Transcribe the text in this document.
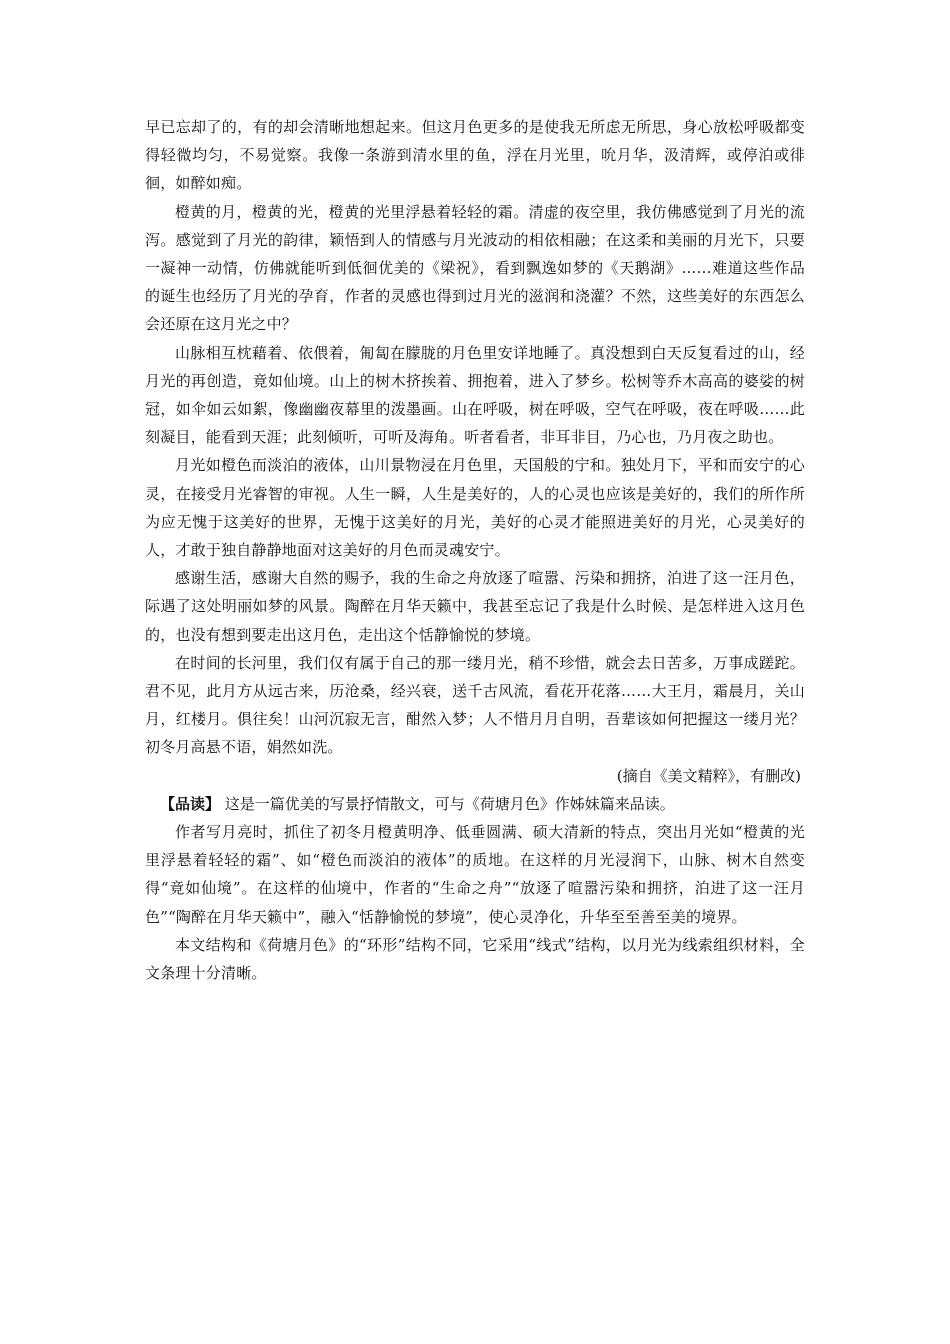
早已忘却了的，有的却会清晰地想起来。但这月色更多的是使我无所虑无所思，身心放松呼吸都变得轻微均匀，不易觉察。我像一条游到清水里的鱼，浮在月光里，吮月华，汲清辉，或停泊或徘徊，如醉如痴。

橙黄的月，橙黄的光，橙黄的光里浮悬着轻轻的霜。清虚的夜空里，我仿佛感觉到了月光的流泻。感觉到了月光的韵律，颖悟到人的情感与月光波动的相依相融；在这柔和美丽的月光下，只要一凝神一动情，仿佛就能听到低徊优美的《梁祝》，看到飘逸如梦的《天鹅湖》……难道这些作品的诞生也经历了月光的孕育，作者的灵感也得到过月光的滋润和浇灌？不然，这些美好的东西怎么会还原在这月光之中？

山脉相互枕藉着、依偎着，匍匐在朦胧的月色里安详地睡了。真没想到白天反复看过的山，经月光的再创造，竟如仙境。山上的树木挤挨着、拥抱着，进入了梦乡。松树等乔木高高的婆娑的树冠，如伞如云如絮，像幽幽夜幕里的泼墨画。山在呼吸，树在呼吸，空气在呼吸，夜在呼吸……此刻凝目，能看到天涯；此刻倾听，可听及海角。听者看者，非耳非目，乃心也，乃月夜之助也。

月光如橙色而淡泊的液体，山川景物浸在月色里，天国般的宁和。独处月下，平和而安宁的心灵，在接受月光睿智的审视。人生一瞬，人生是美好的，人的心灵也应该是美好的，我们的所作所为应无愧于这美好的世界，无愧于这美好的月光，美好的心灵才能照进美好的月光，心灵美好的人，才敢于独自静静地面对这美好的月色而灵魂安宁。

感谢生活，感谢大自然的赐予，我的生命之舟放逐了喧嚣、污染和拥挤，泊进了这一汪月色，际遇了这处明丽如梦的风景。陶醉在月华天籁中，我甚至忘记了我是什么时候、是怎样进入这月色的，也没有想到要走出这月色，走出这个恬静愉悦的梦境。

在时间的长河里，我们仅有属于自己的那一缕月光，稍不珍惜，就会去日苦多，万事成蹉跎。君不见，此月方从远古来，历沧桑，经兴衰，送千古风流，看花开花落……大王月，霜晨月，关山月，红楼月。俱往矣！山河沉寂无言，酣然入梦；人不惜月月自明，吾辈该如何把握这一缕月光？初冬月高悬不语，娟然如洗。

(摘自《美文精粹》，有删改)

【品读】 这是一篇优美的写景抒情散文，可与《荷塘月色》作姊妹篇来品读。

作者写月亮时，抓住了初冬月橙黄明净、低垂圆满、硕大清新的特点，突出月光如“橙黄的光里浮悬着轻轻的霜”、如“橙色而淡泊的液体”的质地。在这样的月光浸润下，山脉、树木自然变得“竟如仙境”。在这样的仙境中，作者的“生命之舟”“放逐了喧嚣污染和拥挤，泊进了这一汪月色”“陶醉在月华天籁中”，融入“恬静愉悦的梦境”，使心灵净化，升华至至善至美的境界。

本文结构和《荷塘月色》的“环形”结构不同，它采用“线式”结构，以月光为线索组织材料，全文条理十分清晰。
